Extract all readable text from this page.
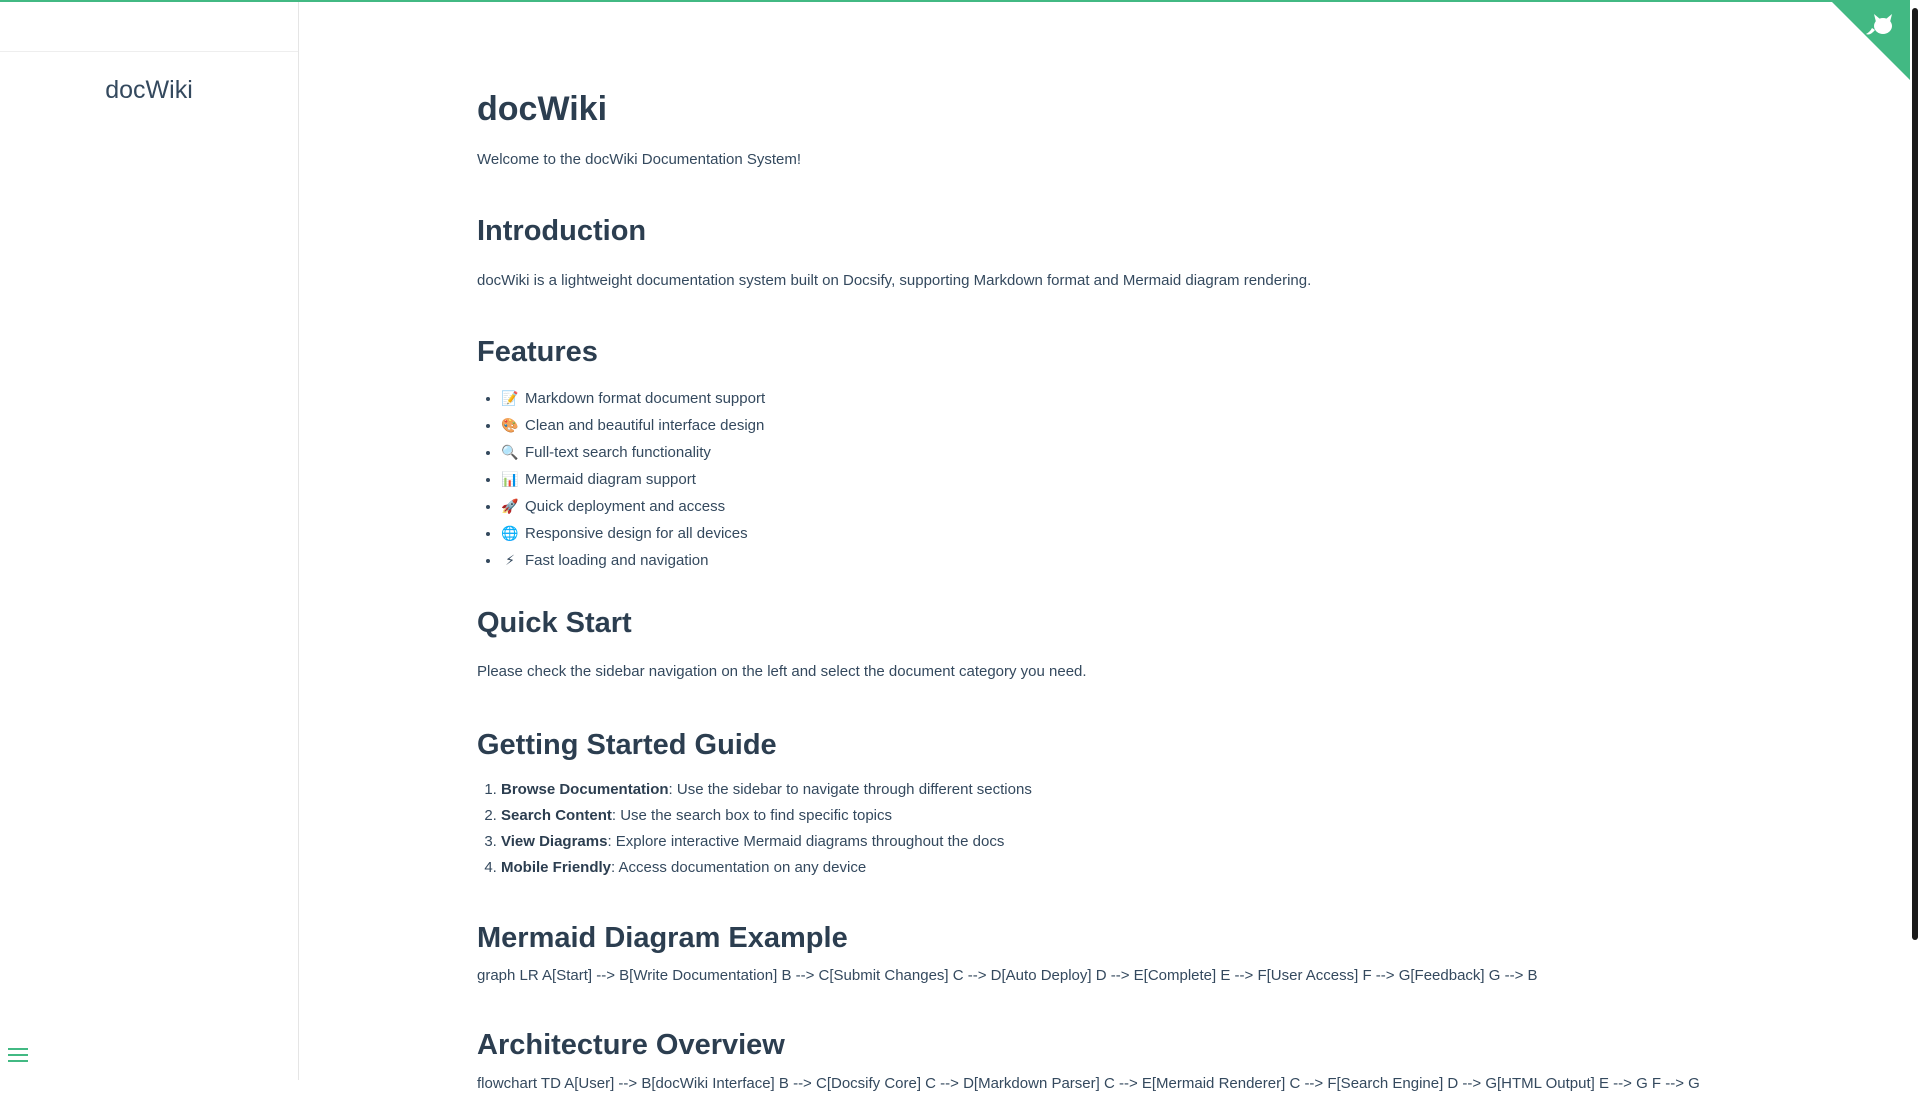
docWiki	docWiki

Welcome to the docWiki Documentation System!

Introduction

docWiki is a lightweight documentation system built on Docsify, supporting Markdown format and Mermaid diagram rendering.

Features
• 📝 Markdown format document support
• 🎨 Clean and beautiful interface design
• 🔍 Full-text search functionality
• 📊 Mermaid diagram support
• 🚀 Quick deployment and access
• 🌐 Responsive design for all devices
• ⚡ Fast loading and navigation
Quick Start

Please check the sidebar navigation on the left and select the document category you need.

Getting Started Guide
1. Browse Documentation: Use the sidebar to navigate through different sections
2. Search Content: Use the search box to find specific topics
3. View Diagrams: Explore interactive Mermaid diagrams throughout the docs
4. Mobile Friendly: Access documentation on any device
Mermaid Diagram Example

graph LR A[Start] --> B[Write Documentation] B --> C[Submit Changes] C --> D[Auto Deploy] D --> E[Complete] E --> F[User Access] F --> G[Feedback] G --> B

Architecture Overview

flowchart TD A[User] --> B[docWiki Interface] B --> C[Docsify Core] C --> D[Markdown Parser] C --> E[Mermaid Renderer] C --> F[Search Engine] D --> G[HTML Output] E --> G F --> G
